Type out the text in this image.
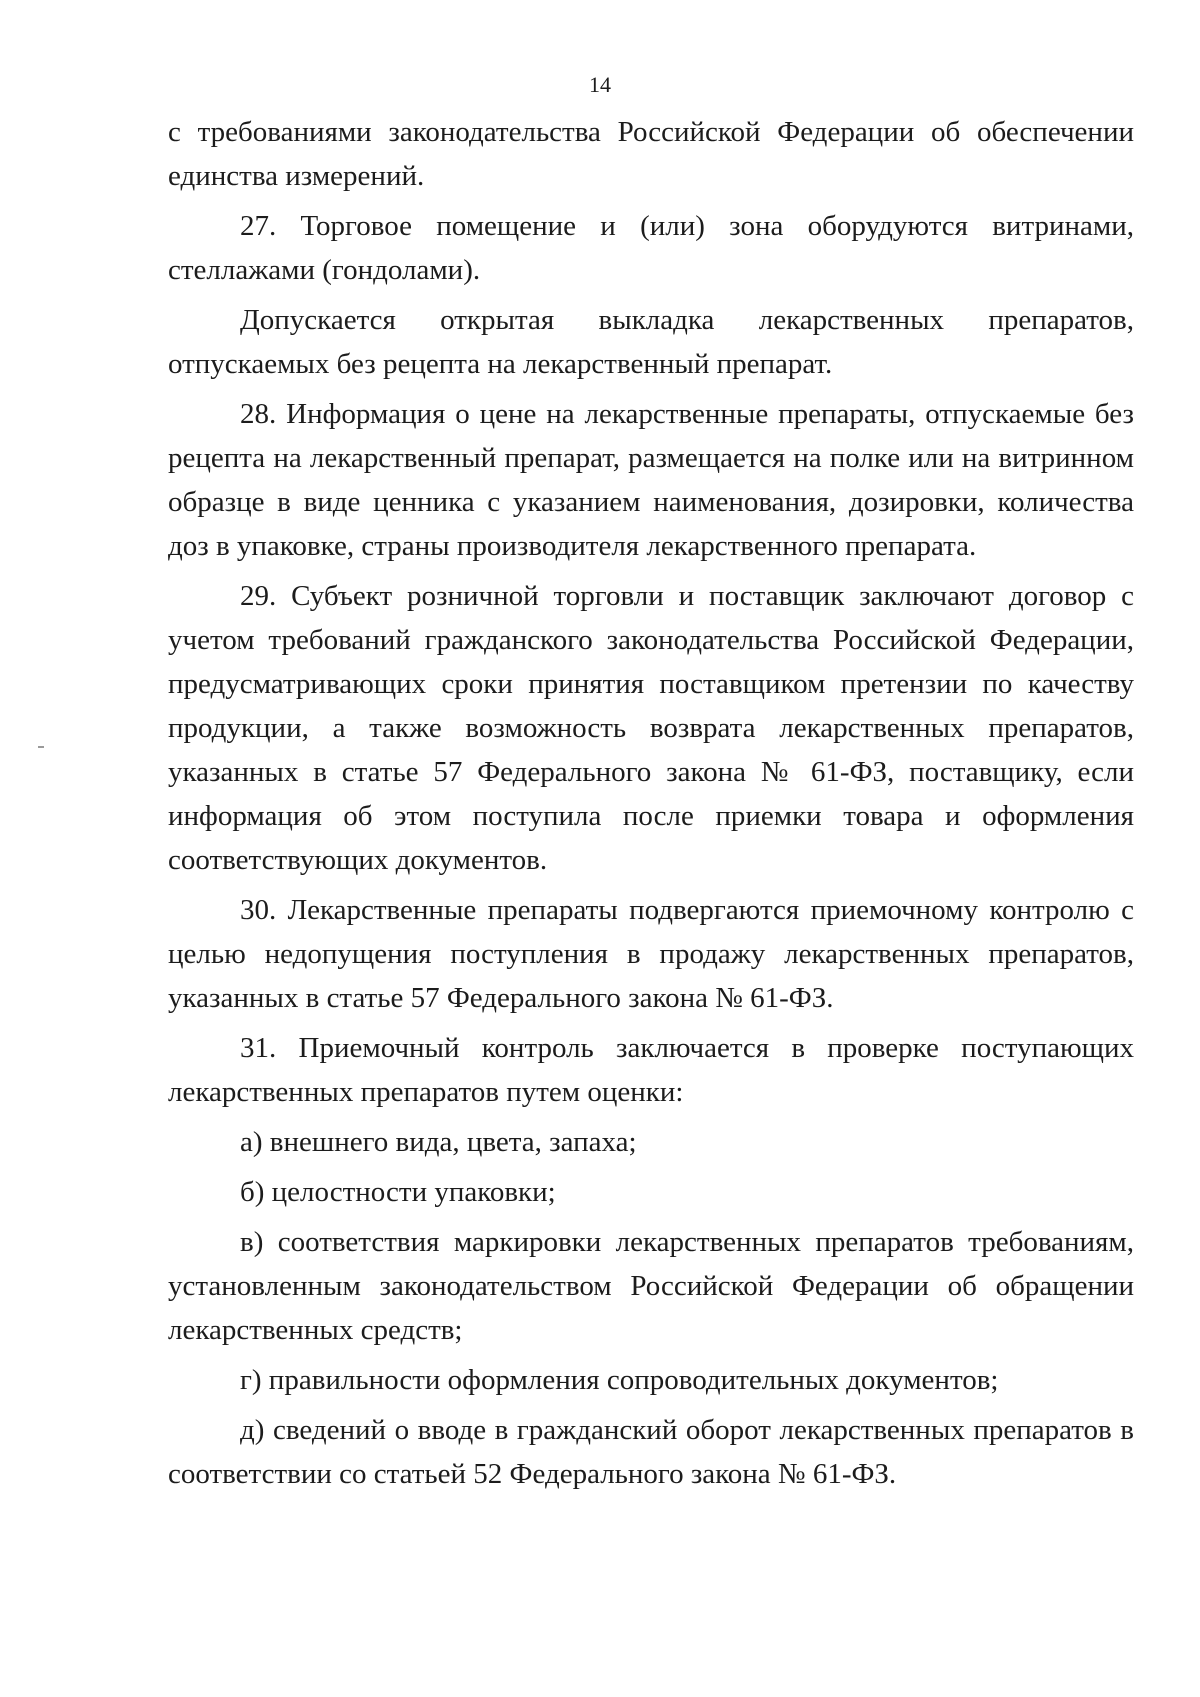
14

с требованиями законодательства Российской Федерации об обеспечении единства измерений.

27. Торговое помещение и (или) зона оборудуются витринами, стеллажами (гондолами).

Допускается открытая выкладка лекарственных препаратов, отпускаемых без рецепта на лекарственный препарат.

28. Информация о цене на лекарственные препараты, отпускаемые без рецепта на лекарственный препарат, размещается на полке или на витринном образце в виде ценника с указанием наименования, дозировки, количества доз в упаковке, страны производителя лекарственного препарата.

29. Субъект розничной торговли и поставщик заключают договор с учетом требований гражданского законодательства Российской Федерации, предусматривающих сроки принятия поставщиком претензии по качеству продукции, а также возможность возврата лекарственных препаратов, указанных в статье 57 Федерального закона № 61-ФЗ, поставщику, если информация об этом поступила после приемки товара и оформления соответствующих документов.

30. Лекарственные препараты подвергаются приемочному контролю с целью недопущения поступления в продажу лекарственных препаратов, указанных в статье 57 Федерального закона № 61-ФЗ.

31. Приемочный контроль заключается в проверке поступающих лекарственных препаратов путем оценки:

а) внешнего вида, цвета, запаха;

б) целостности упаковки;

в) соответствия маркировки лекарственных препаратов требованиям, установленным законодательством Российской Федерации об обращении лекарственных средств;

г) правильности оформления сопроводительных документов;

д) сведений о вводе в гражданский оборот лекарственных препаратов в соответствии со статьей 52 Федерального закона № 61-ФЗ.
